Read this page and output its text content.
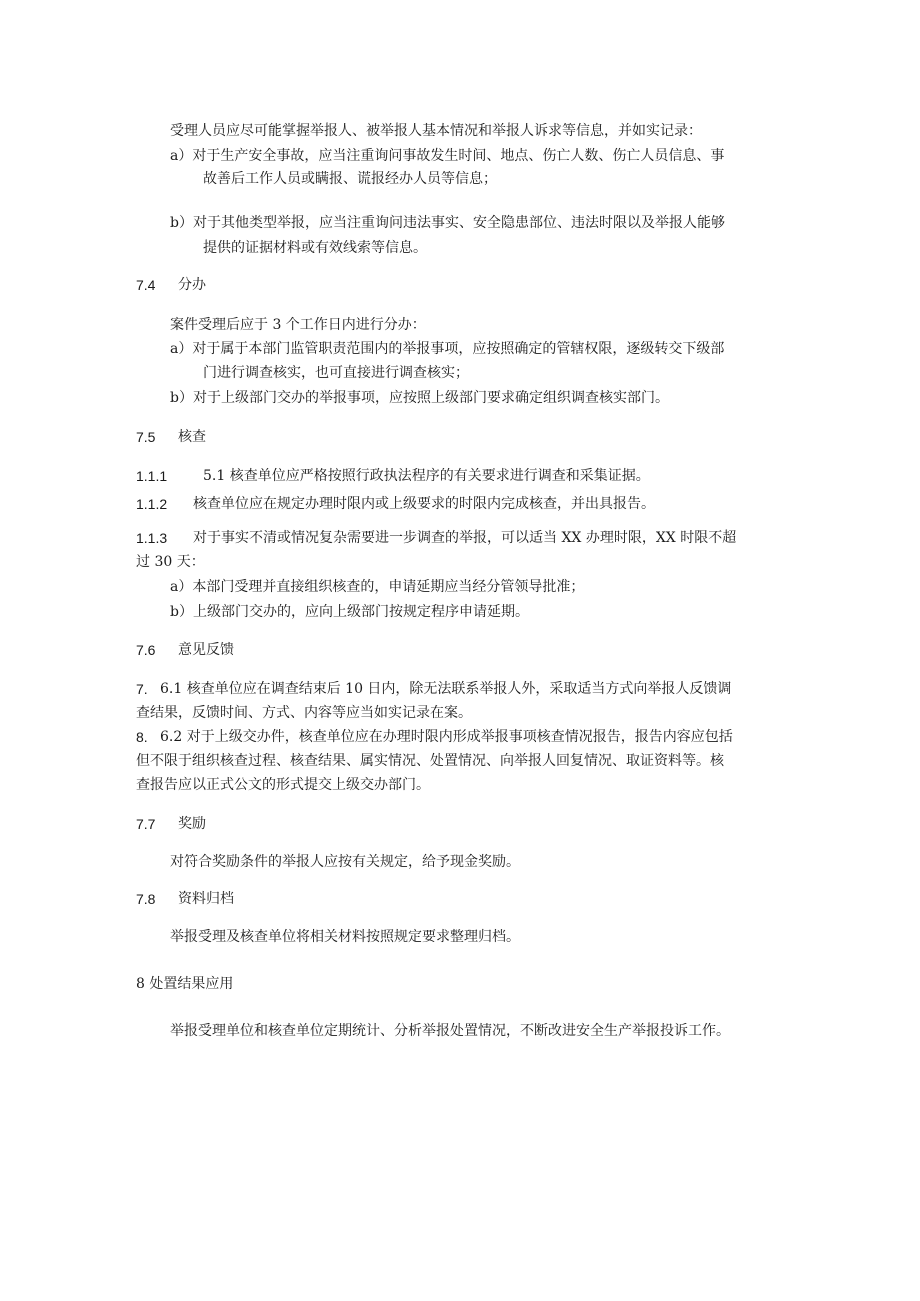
受理人员应尽可能掌握举报人、被举报人基本情况和举报人诉求等信息，并如实记录：
a）对于生产安全事故，应当注重询问事故发生时间、地点、伤亡人数、伤亡人员信息、事
故善后工作人员或瞒报、谎报经办人员等信息；
b）对于其他类型举报，应当注重询问违法事实、安全隐患部位、违法时限以及举报人能够
提供的证据材料或有效线索等信息。
7.4 分办
案件受理后应于 3 个工作日内进行分办：
a）对于属于本部门监管职责范围内的举报事项，应按照确定的管辖权限，逐级转交下级部
门进行调查核实，也可直接进行调查核实；
b）对于上级部门交办的举报事项，应按照上级部门要求确定组织调查核实部门。
7.5 核查
1.1.1	5.1 核查单位应严格按照行政执法程序的有关要求进行调查和采集证据。
1.1.2 核查单位应在规定办理时限内或上级要求的时限内完成核查，并出具报告。
1.1.3 对于事实不清或情况复杂需要进一步调查的举报，可以适当 XX 办理时限，XX 时限不超
过 30 天：
a）本部门受理并直接组织核查的，申请延期应当经分管领导批准；
b）上级部门交办的，应向上级部门按规定程序申请延期。
7.6 意见反馈
7. 6.1 核查单位应在调查结束后 10 日内，除无法联系举报人外，采取适当方式向举报人反馈调
查结果，反馈时间、方式、内容等应当如实记录在案。
8. 6.2 对于上级交办件，核查单位应在办理时限内形成举报事项核查情况报告，报告内容应包括
但不限于组织核查过程、核查结果、属实情况、处置情况、向举报人回复情况、取证资料等。核
查报告应以正式公文的形式提交上级交办部门。
7.7 奖励
对符合奖励条件的举报人应按有关规定，给予现金奖励。
7.8 资料归档
举报受理及核查单位将相关材料按照规定要求整理归档。
8 处置结果应用
举报受理单位和核查单位定期统计、分析举报处置情况，不断改进安全生产举报投诉工作。
